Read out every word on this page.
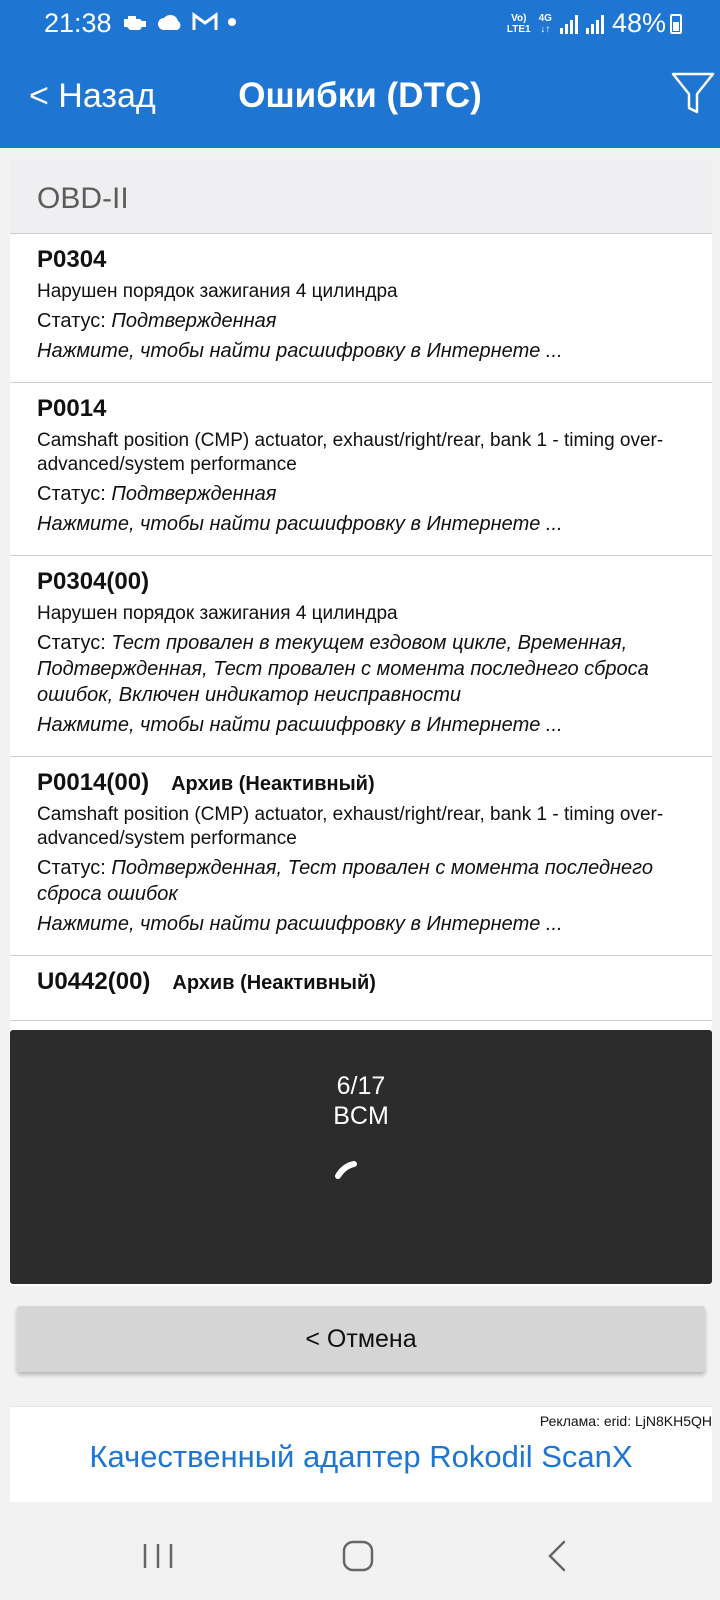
21:38	Vo)
LTE1
4G
↓↑ 48%
< Назад	Ошибки (DTC)
OBD-II
P0304
Нарушен порядок зажигания 4 цилиндра
Статус: Подтвержденная
Нажмите, чтобы найти расшифровку в Интернете ...
P0014
Camshaft position (CMP) actuator, exhaust/right/rear, bank 1 - timing over-advanced/system performance
Статус: Подтвержденная
Нажмите, чтобы найти расшифровку в Интернете ...
P0304(00)
Нарушен порядок зажигания 4 цилиндра
Статус: Тест провален в текущем ездовом цикле, Временная, Подтвержденная, Тест провален с момента последнего сброса ошибок, Включен индикатор неисправности
Нажмите, чтобы найти расшифровку в Интернете ...
P0014(00) Архив (Неактивный)
Camshaft position (CMP) actuator, exhaust/right/rear, bank 1 - timing over-advanced/system performance
Статус: Подтвержденная, Тест провален с момента последнего сброса ошибок
Нажмите, чтобы найти расшифровку в Интернете ...
U0442(00) Архив (Неактивный)
6/17
BCM
< Отмена
Реклама: erid: LjN8KH5QH
Качественный адаптер Rokodil ScanX
